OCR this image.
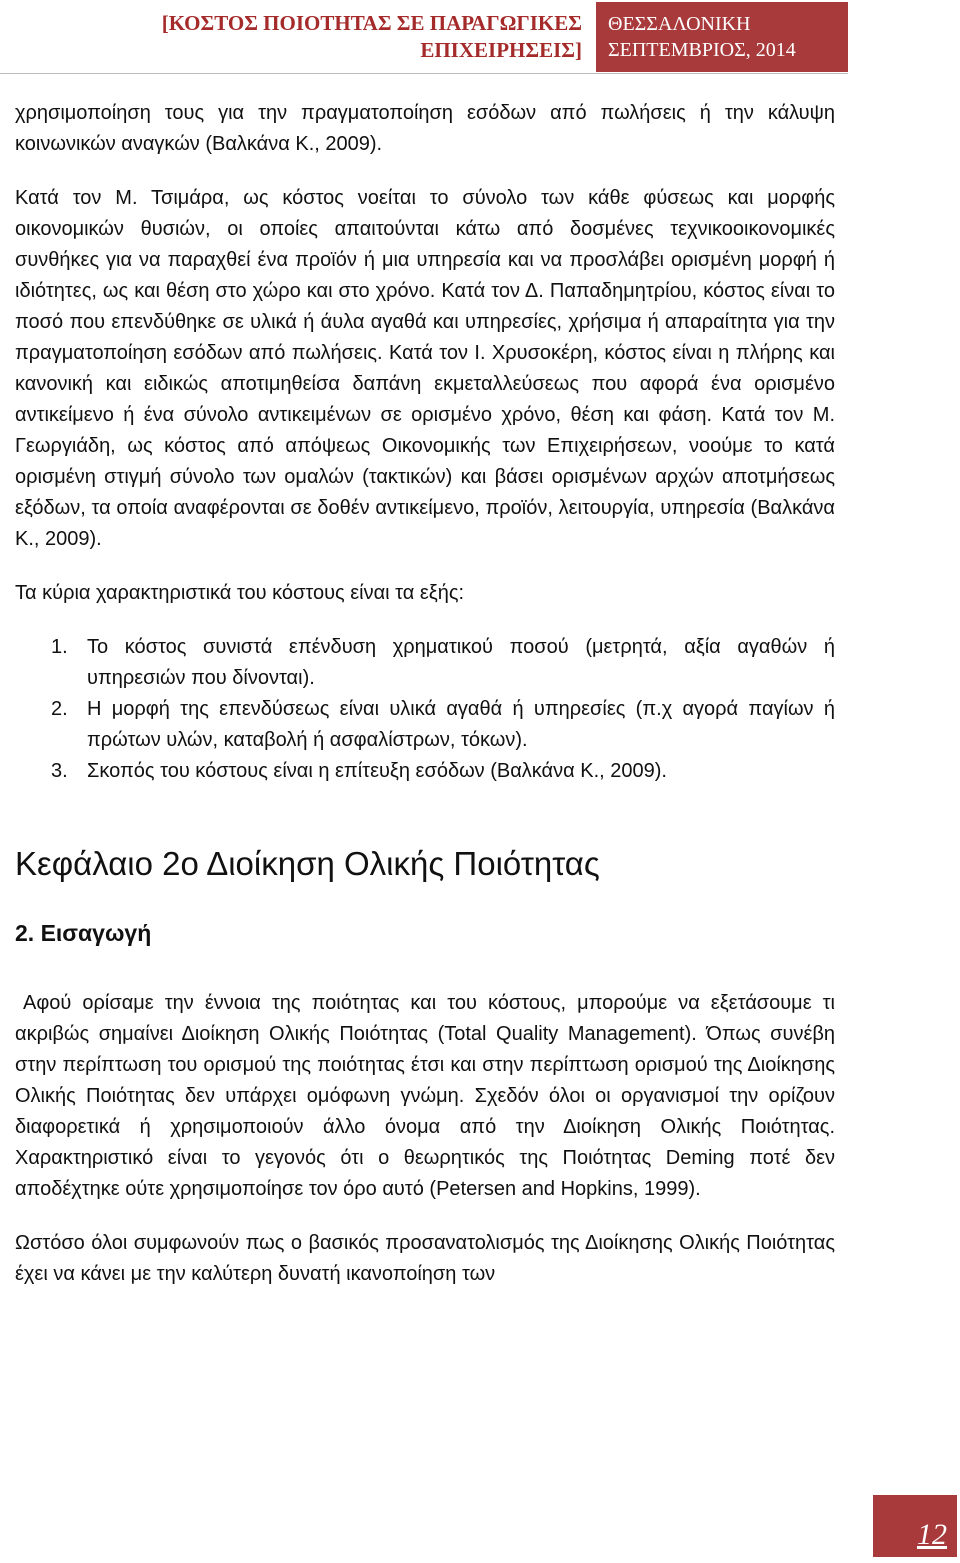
[ΚΟΣΤΟΣ ΠΟΙΟΤΗΤΑΣ ΣΕ ΠΑΡΑΓΩΓΙΚΕΣ
ΕΠΙΧΕΙΡΗΣΕΙΣ]
ΘΕΣΣΑΛΟΝΙΚΗ
ΣΕΠΤΕΜΒΡΙΟΣ, 2014

χρησιμοποίηση τους για την πραγματοποίηση εσόδων από πωλήσεις ή την κάλυψη κοινωνικών αναγκών (Βαλκάνα Κ., 2009).

Κατά τον Μ. Τσιμάρα, ως κόστος νοείται το σύνολο των κάθε φύσεως και μορφής οικονομικών θυσιών, οι οποίες απαιτούνται κάτω από δοσμένες τεχνικοοικονομικές συνθήκες για να παραχθεί ένα προϊόν ή μια υπηρεσία και να προσλάβει ορισμένη μορφή ή ιδιότητες, ως και θέση στο χώρο και στο χρόνο. Κατά τον Δ. Παπαδημητρίου, κόστος είναι το ποσό που επενδύθηκε σε υλικά ή άυλα αγαθά και υπηρεσίες, χρήσιμα ή απαραίτητα για την πραγματοποίηση εσόδων από πωλήσεις. Κατά τον Ι. Χρυσοκέρη, κόστος είναι η πλήρης και κανονική και ειδικώς αποτιμηθείσα δαπάνη εκμεταλλεύσεως που αφορά ένα ορισμένο αντικείμενο ή ένα σύνολο αντικειμένων σε ορισμένο χρόνο, θέση και φάση. Κατά τον Μ. Γεωργιάδη, ως κόστος από απόψεως Οικονομικής των Επιχειρήσεων, νοούμε το κατά ορισμένη στιγμή σύνολο των ομαλών (τακτικών) και βάσει ορισμένων αρχών αποτμήσεως εξόδων, τα οποία αναφέρονται σε δοθέν αντικείμενο, προϊόν, λειτουργία, υπηρεσία (Βαλκάνα Κ., 2009).

Τα κύρια χαρακτηριστικά του κόστους είναι τα εξής:

1. Το κόστος συνιστά επένδυση χρηματικού ποσού (μετρητά, αξία αγαθών ή υπηρεσιών που δίνονται).
2. Η μορφή της επενδύσεως είναι υλικά αγαθά ή υπηρεσίες (π.χ αγορά παγίων ή πρώτων υλών, καταβολή ή ασφαλίστρων, τόκων).
3. Σκοπός του κόστους είναι η επίτευξη εσόδων (Βαλκάνα Κ., 2009).
Κεφάλαιο 2ο Διοίκηση Ολικής Ποιότητας
2. Εισαγωγή

Αφού ορίσαμε την έννοια της ποιότητας και του κόστους, μπορούμε να εξετάσουμε τι ακριβώς σημαίνει Διοίκηση Ολικής Ποιότητας (Total Quality Management). Όπως συνέβη στην περίπτωση του ορισμού της ποιότητας έτσι και στην περίπτωση ορισμού της Διοίκησης Ολικής Ποιότητας δεν υπάρχει ομόφωνη γνώμη. Σχεδόν όλοι οι οργανισμοί την ορίζουν διαφορετικά ή χρησιμοποιούν άλλο όνομα από την Διοίκηση Ολικής Ποιότητας. Χαρακτηριστικό είναι το γεγονός ότι ο θεωρητικός της Ποιότητας Deming ποτέ δεν αποδέχτηκε ούτε χρησιμοποίησε τον όρο αυτό (Petersen and Hopkins, 1999).

Ωστόσο όλοι συμφωνούν πως ο βασικός προσανατολισμός της Διοίκησης Ολικής Ποιότητας έχει να κάνει με την καλύτερη δυνατή ικανοποίηση των

12
